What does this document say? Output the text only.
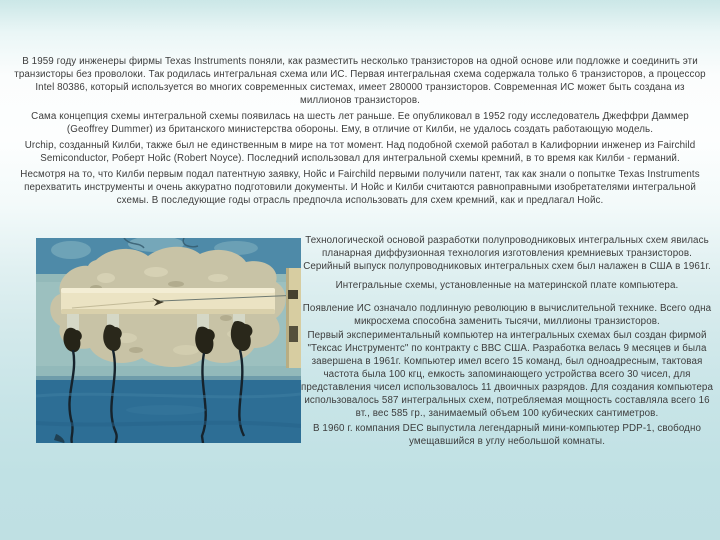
В 1959 году инженеры фирмы Texas Instruments поняли, как разместить несколько транзисторов на одной основе или подложке и соединить эти транзисторы без проволоки. Так родилась интегральная схема или ИС. Первая интегральная схема содержала только 6 транзисторов, а процессор Intel 80386, который используется во многих современных системах, имеет 280000 транзисторов. Современная ИС может быть создана из миллионов транзисторов.

Сама концепция схемы интегральной схемы появилась на шесть лет раньше. Ее опубликовал в 1952 году исследователь Джеффри Даммер (Geoffrey Dummer) из британского министерства обороны. Ему, в отличие от Килби, не удалось создать работающую модель.

Urchip, созданный Килби, также был не единственным в мире на тот момент. Над подобной схемой работал в Калифорнии инженер из Fairchild Semiconductor, Роберт Нойс (Robert Noyce). Последний использовал для интегральной схемы кремний, в то время как Килби - германий.

Несмотря на то, что Килби первым подал патентную заявку, Нойс и Fairchild первыми получили патент, так как знали о попытке Texas Instruments перехватить инструменты и очень аккуратно подготовили документы. И Нойс и Килби считаются равноправными изобретателями интегральной схемы. В последующие годы отрасль предпочла использовать для схем кремний, как и предлагал Нойс.

Технологической основой разработки полупроводниковых интегральных схем явилась планарная диффузионная технология изготовления кремниевых транзисторов. Серийный выпуск полупроводниковых интегральных схем был налажен в США в 1961г.

Интегральные схемы, установленные на материнской плате компьютера.

Появление ИС означало подлинную революцию в вычислительной технике. Всего одна микросхема способна заменить тысячи, миллионы транзисторов.

Первый экспериментальный компьютер на интегральных схемах был создан фирмой "Тексас Инструментс" по контракту с ВВС США. Разработка велась 9 месяцев и была завершена в 1961г. Компьютер имел всего 15 команд, был одноадресным, тактовая частота была 100 кгц, емкость запоминающего устройства всего 30 чисел, для представления чисел использовалось 11 двоичных разрядов. Для создания компьютера использовалось 587 интегральных схем, потребляемая мощность составляла всего 16 вт., вес 585 гр., занимаемый объем 100 кубических сантиметров.

В 1960 г. компания DEC выпустила легендарный мини-компьютер PDP-1, свободно умещавшийся в углу небольшой комнаты.
